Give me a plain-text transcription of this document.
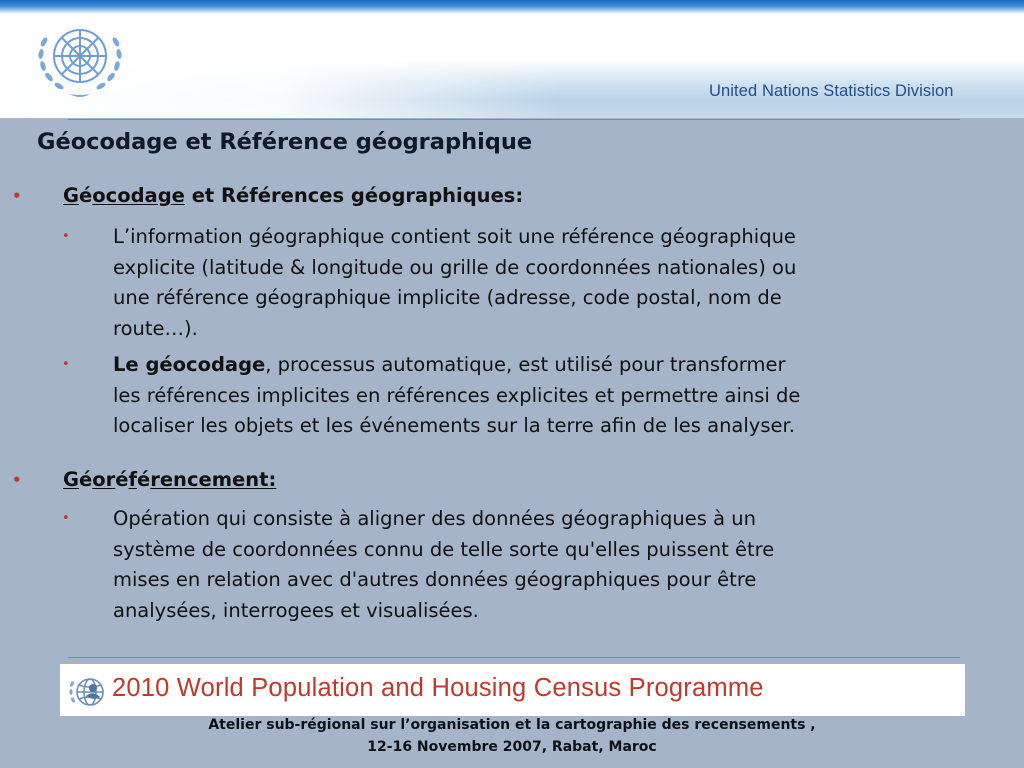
United Nations Statistics Division
Géocodage et Référence géographique
• Géocodage et Références géographiques:
• L’information géographique contient soit une référence géographique
explicite (latitude & longitude ou grille de coordonnées nationales) ou
une référence géographique implicite (adresse, code postal, nom de
route…).
• Le géocodage, processus automatique, est utilisé pour transformer
les références implicites en références explicites et permettre ainsi de
localiser les objets et les événements sur la terre afin de les analyser.
• Géoréférencement:
• Opération qui consiste à aligner des données géographiques à un
système de coordonnées connu de telle sorte qu'elles puissent être
mises en relation avec d'autres données géographiques pour être
analysées, interrogees et visualisées.
2010 World Population and Housing Census Programme
Atelier sub-régional sur l’organisation et la cartographie des recensements ,
12-16 Novembre 2007, Rabat, Maroc
